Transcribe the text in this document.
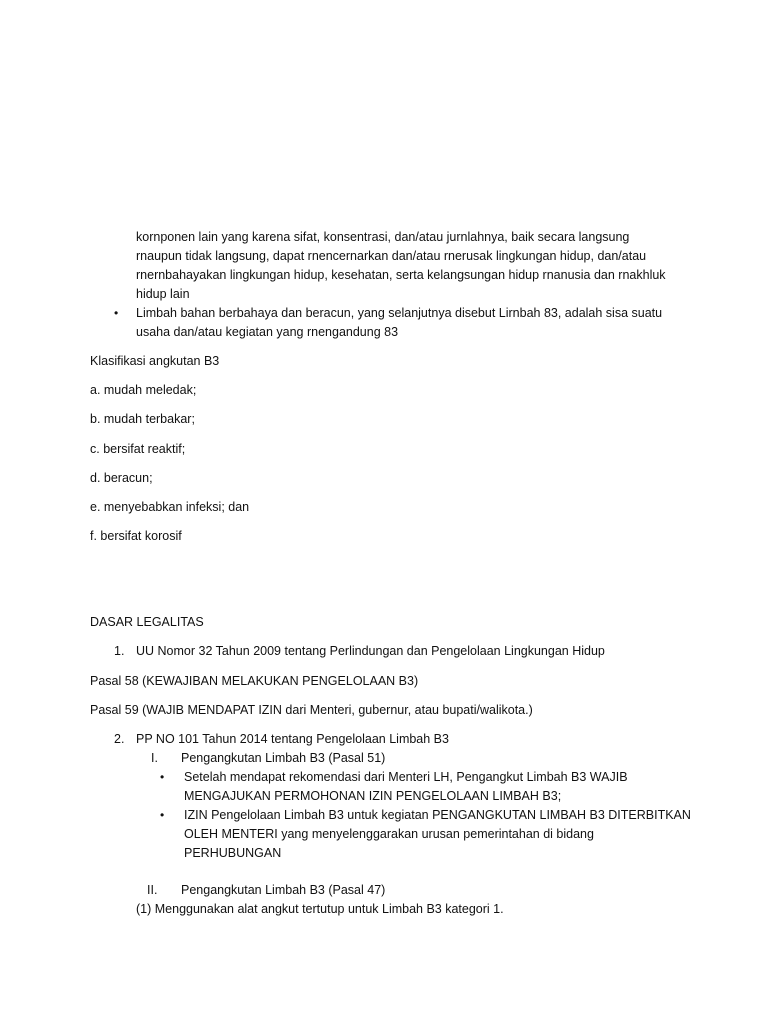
kornponen lain yang karena sifat, konsentrasi, dan/atau jurnlahnya, baik secara langsung
rnaupun tidak langsung, dapat rnencernarkan dan/atau rnerusak lingkungan hidup, dan/atau
rnernbahayakan lingkungan hidup, kesehatan, serta kelangsungan hidup rnanusia dan rnakhluk
hidup lain
• Limbah bahan berbahaya dan beracun, yang selanjutnya disebut Lirnbah 83, adalah sisa suatu
usaha dan/atau kegiatan yang rnengandung 83
Klasifikasi angkutan B3
a. mudah meledak;
b. mudah terbakar;
c. bersifat reaktif;
d. beracun;
e. menyebabkan infeksi; dan
f. bersifat korosif
DASAR LEGALITAS
1. UU Nomor 32 Tahun 2009 tentang Perlindungan dan Pengelolaan Lingkungan Hidup
Pasal 58 (KEWAJIBAN MELAKUKAN PENGELOLAAN B3)
Pasal 59 (WAJIB MENDAPAT IZIN dari Menteri, gubernur, atau bupati/walikota.)
2. PP NO 101 Tahun 2014 tentang Pengelolaan Limbah B3
I. Pengangkutan Limbah B3 (Pasal 51)
• Setelah mendapat rekomendasi dari Menteri LH, Pengangkut Limbah B3 WAJIB
MENGAJUKAN PERMOHONAN IZIN PENGELOLAAN LIMBAH B3;
• IZIN Pengelolaan Limbah B3 untuk kegiatan PENGANGKUTAN LIMBAH B3 DITERBITKAN
OLEH MENTERI yang menyelenggarakan urusan pemerintahan di bidang
PERHUBUNGAN
II. Pengangkutan Limbah B3 (Pasal 47)
(1) Menggunakan alat angkut tertutup untuk Limbah B3 kategori 1.
